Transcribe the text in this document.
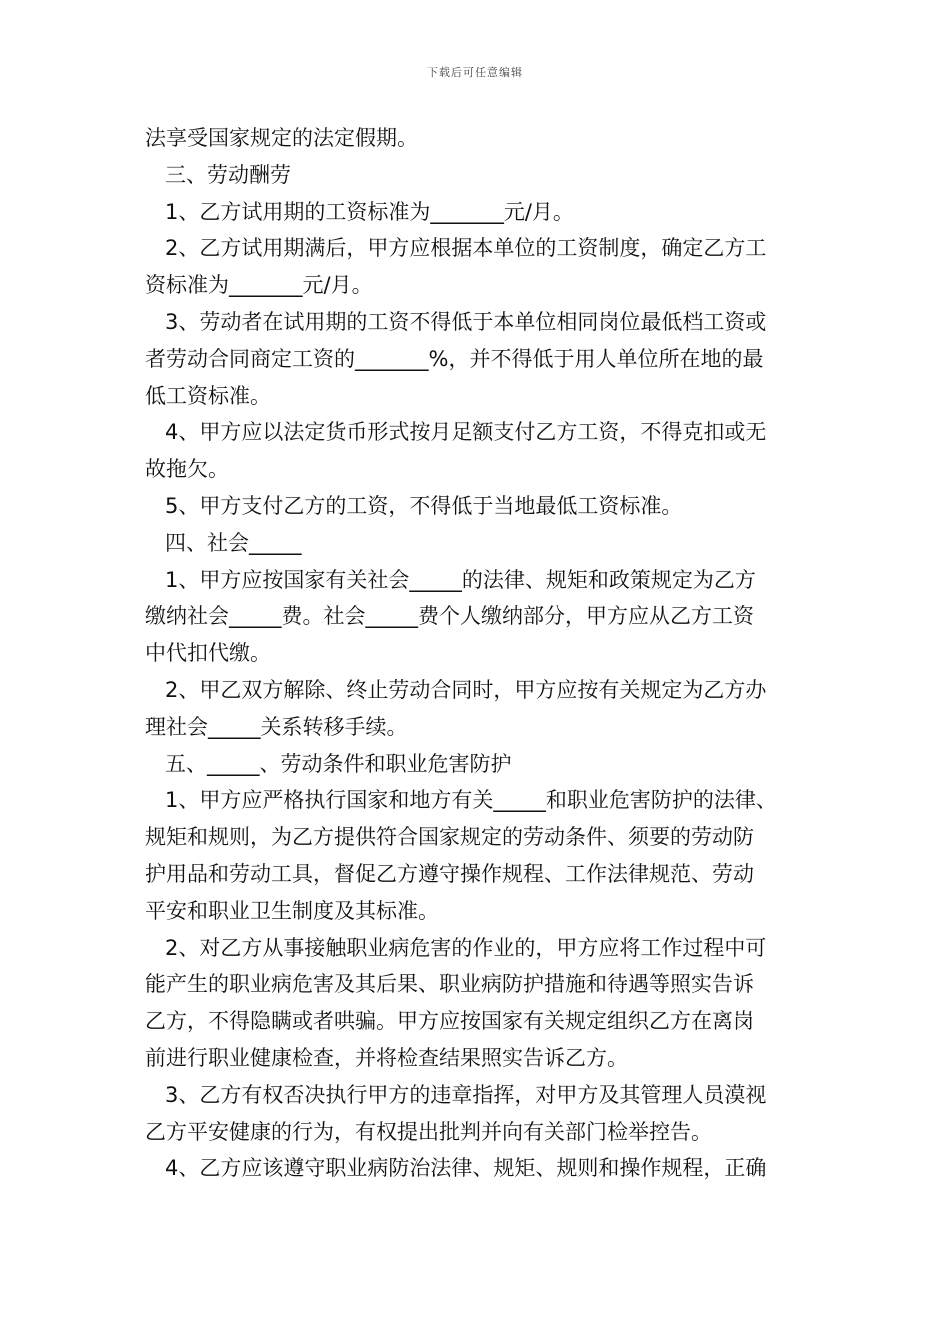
下载后可任意编辑
法享受国家规定的法定假期。
三、劳动酬劳
1、乙方试用期的工资标准为_______元/月。
2、乙方试用期满后，甲方应根据本单位的工资制度，确定乙方工
资标准为_______元/月。
3、劳动者在试用期的工资不得低于本单位相同岗位最低档工资或
者劳动合同商定工资的_______%，并不得低于用人单位所在地的最
低工资标准。
4、甲方应以法定货币形式按月足额支付乙方工资，不得克扣或无
故拖欠。
5、甲方支付乙方的工资，不得低于当地最低工资标准。
四、社会_____
1、甲方应按国家有关社会_____的法律、规矩和政策规定为乙方
缴纳社会_____费。社会_____费个人缴纳部分，甲方应从乙方工资
中代扣代缴。
2、甲乙双方解除、终止劳动合同时，甲方应按有关规定为乙方办
理社会_____关系转移手续。
五、_____、劳动条件和职业危害防护
1、甲方应严格执行国家和地方有关_____和职业危害防护的法律、
规矩和规则，为乙方提供符合国家规定的劳动条件、须要的劳动防
护用品和劳动工具，督促乙方遵守操作规程、工作法律规范、劳动
平安和职业卫生制度及其标准。
2、对乙方从事接触职业病危害的作业的，甲方应将工作过程中可
能产生的职业病危害及其后果、职业病防护措施和待遇等照实告诉
乙方，不得隐瞒或者哄骗。甲方应按国家有关规定组织乙方在离岗
前进行职业健康检查，并将检查结果照实告诉乙方。
3、乙方有权否决执行甲方的违章指挥，对甲方及其管理人员漠视
乙方平安健康的行为，有权提出批判并向有关部门检举控告。
4、乙方应该遵守职业病防治法律、规矩、规则和操作规程，正确
